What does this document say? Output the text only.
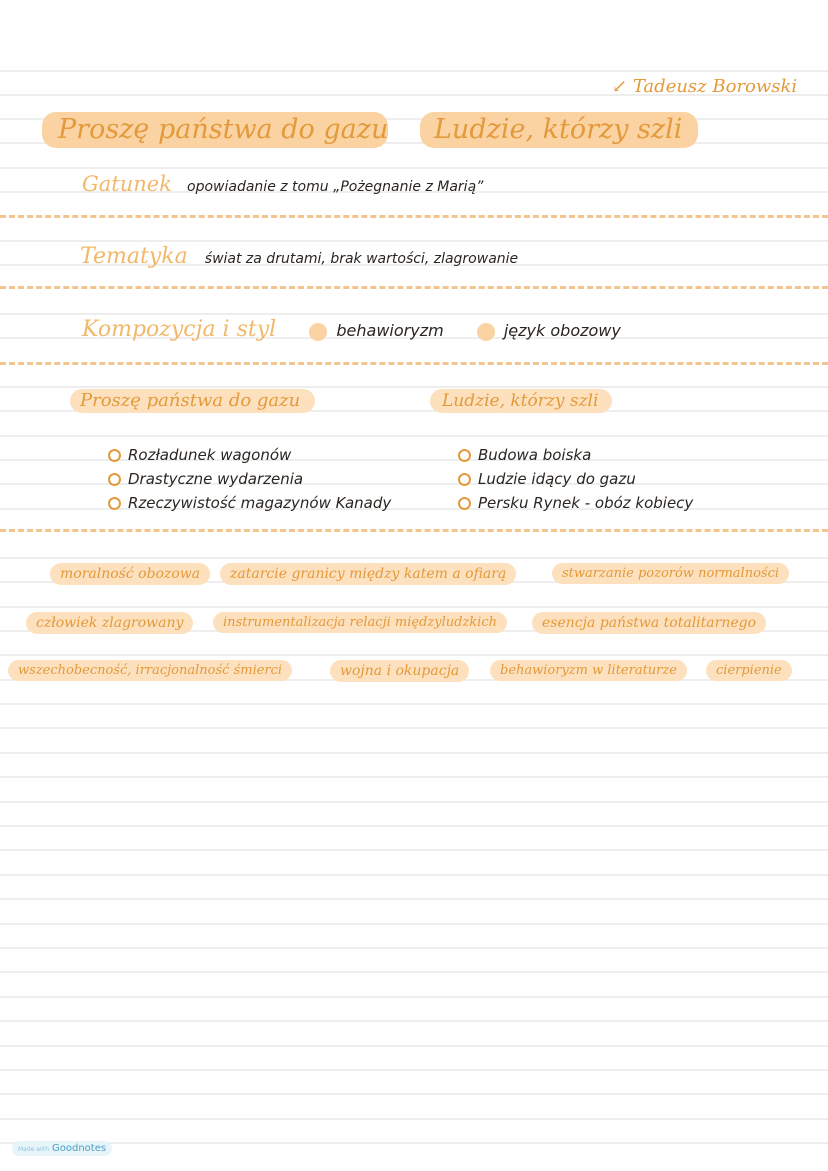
↙ Tadeusz Borowski
Proszę państwa do gazu	Ludzie, którzy szli
Gatunek opowiadanie z tomu „Pożegnanie z Marią”
Tematyka świat za drutami, brak wartości, zlagrowanie
Kompozycja i styl	behawioryzm	język obozowy
Proszę państwa do gazu
Rozładunek wagonów
Drastyczne wydarzenia
Rzeczywistość magazynów Kanady
Ludzie, którzy szli
Budowa boiska
Ludzie idący do gazu
Persku Rynek - obóz kobiecy
moralność obozowa	zatarcie granicy między katem a ofiarą	stwarzanie pozorów normalności
człowiek zlagrowany	instrumentalizacja relacji międzyludzkich	esencja państwa totalitarnego
wszechobecność, irracjonalność śmierci	wojna i okupacja	behawioryzm w literaturze	cierpienie
Made with Goodnotes
